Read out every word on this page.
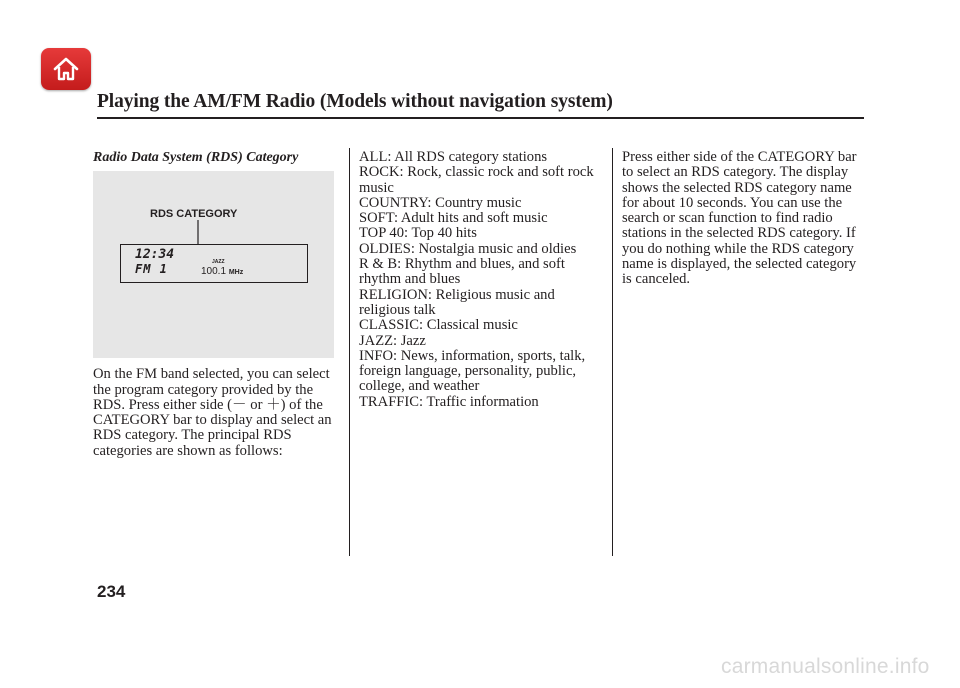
Playing the AM/FM Radio (Models without navigation system)
Radio Data System (RDS) Category
RDS CATEGORY
12:34
FM 1	JAZZ
100.1 MHz

On the FM band selected, you can select the program category provided by the RDS. Press either side (－ or ＋) of the CATEGORY bar to display and select an RDS category. The principal RDS categories are shown as follows:

ALL: All RDS category stations

ROCK: Rock, classic rock and soft rock music

COUNTRY: Country music

SOFT: Adult hits and soft music

TOP 40: Top 40 hits

OLDIES: Nostalgia music and oldies

R & B: Rhythm and blues, and soft rhythm and blues

RELIGION: Religious music and religious talk

CLASSIC: Classical music

JAZZ: Jazz

INFO: News, information, sports, talk, foreign language, personality, public, college, and weather

TRAFFIC: Traffic information

Press either side of the CATEGORY bar to select an RDS category. The display shows the selected RDS category name for about 10 seconds. You can use the search or scan function to find radio stations in the selected RDS category. If you do nothing while the RDS category name is displayed, the selected category is canceled.

234
carmanualsonline.info
